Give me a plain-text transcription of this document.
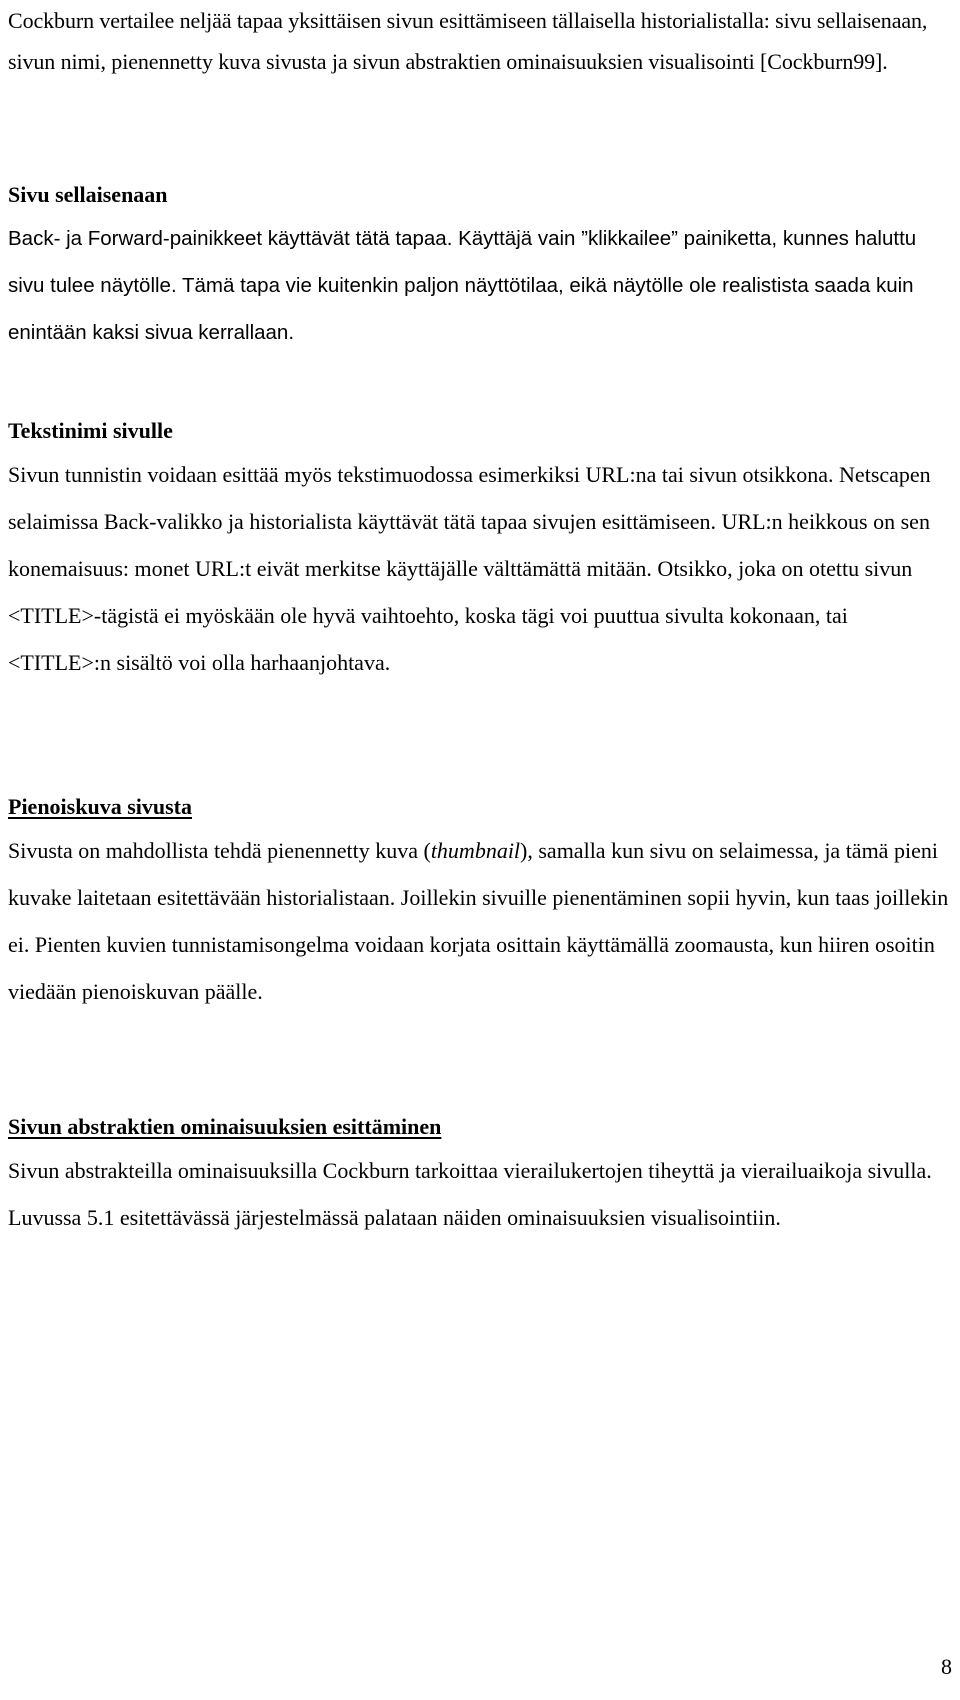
Cockburn vertailee neljää tapaa yksittäisen sivun esittämiseen tällaisella historialistalla: sivu sellaisenaan, sivun nimi, pienennetty kuva sivusta ja sivun abstraktien ominaisuuksien visualisointi [Cockburn99].

Sivu sellaisenaan

Back- ja Forward-painikkeet käyttävät tätä tapaa. Käyttäjä vain ”klikkailee” painiketta, kunnes haluttu sivu tulee näytölle. Tämä tapa vie kuitenkin paljon näyttötilaa, eikä näytölle ole realistista saada kuin enintään kaksi sivua kerrallaan.

Tekstinimi sivulle

Sivun tunnistin voidaan esittää myös tekstimuodossa esimerkiksi URL:na tai sivun otsikkona. Netscapen selaimissa Back-valikko ja historialista käyttävät tätä tapaa sivujen esittämiseen. URL:n heikkous on sen konemaisuus: monet URL:t eivät merkitse käyttäjälle välttämättä mitään. Otsikko, joka on otettu sivun <TITLE>-tägistä ei myöskään ole hyvä vaihtoehto, koska tägi voi puuttua sivulta kokonaan, tai <TITLE>:n sisältö voi olla harhaanjohtava.

Pienoiskuva sivusta

Sivusta on mahdollista tehdä pienennetty kuva (thumbnail), samalla kun sivu on selaimessa, ja tämä pieni kuvake laitetaan esitettävään historialistaan. Joillekin sivuille pienentäminen sopii hyvin, kun taas joillekin ei. Pienten kuvien tunnistamisongelma voidaan korjata osittain käyttämällä zoomausta, kun hiiren osoitin viedään pienoiskuvan päälle.

Sivun abstraktien ominaisuuksien esittäminen

Sivun abstrakteilla ominaisuuksilla Cockburn tarkoittaa vierailukertojen tiheyttä ja vierailuaikoja sivulla. Luvussa 5.1 esitettävässä järjestelmässä palataan näiden ominaisuuksien visualisointiin.

8
